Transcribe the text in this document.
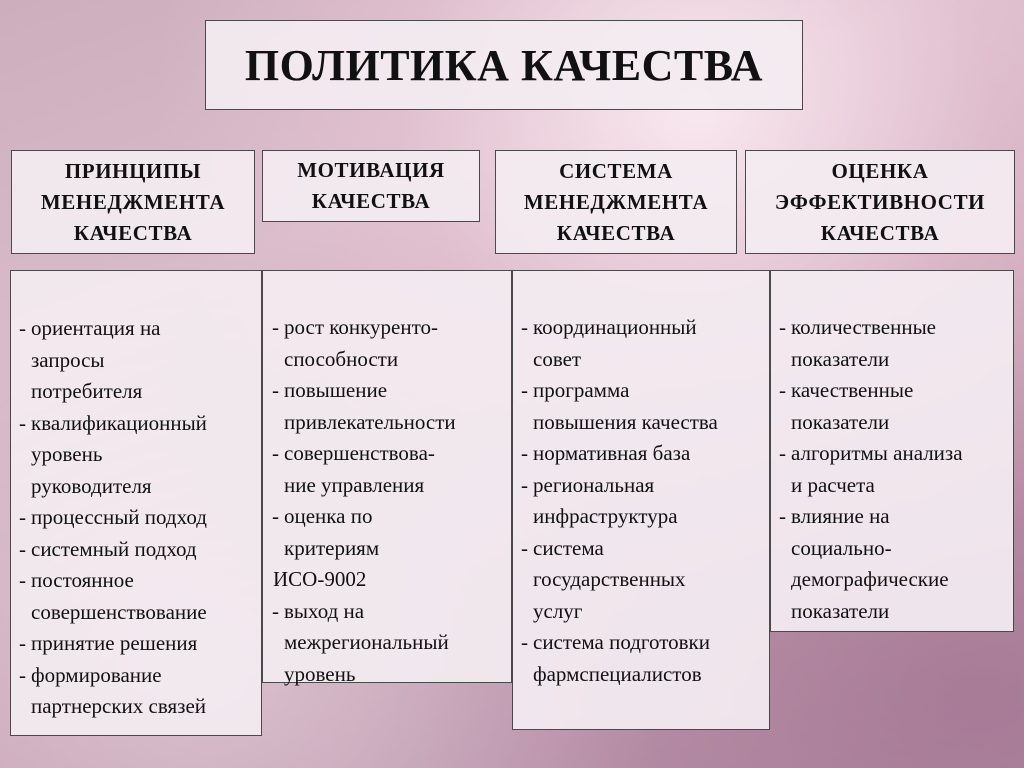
ПОЛИТИКА КАЧЕСТВА
ПРИНЦИПЫ
МЕНЕДЖМЕНТА
КАЧЕСТВА
МОТИВАЦИЯ
КАЧЕСТВА
СИСТЕМА
МЕНЕДЖМЕНТА
КАЧЕСТВА
ОЦЕНКА
ЭФФЕКТИВНОСТИ
КАЧЕСТВА
- ориентация на
запросы
потребителя
- квалификационный
уровень
руководителя
- процессный подход
- системный подход
- постоянное
совершенствование
- принятие решения
- формирование
партнерских связей
- рост конкуренто-
способности
- повышение
привлекательности
- совершенствова-
ние управления
- оценка по
критериям
ИСО-9002
- выход на
межрегиональный
уровень
- координационный
совет
- программа
повышения качества
- нормативная база
- региональная
инфраструктура
- система
государственных
услуг
- система подготовки
фармспециалистов
- количественные
показатели
- качественные
показатели
- алгоритмы анализа
и расчета
- влияние на
социально-
демографические
показатели
